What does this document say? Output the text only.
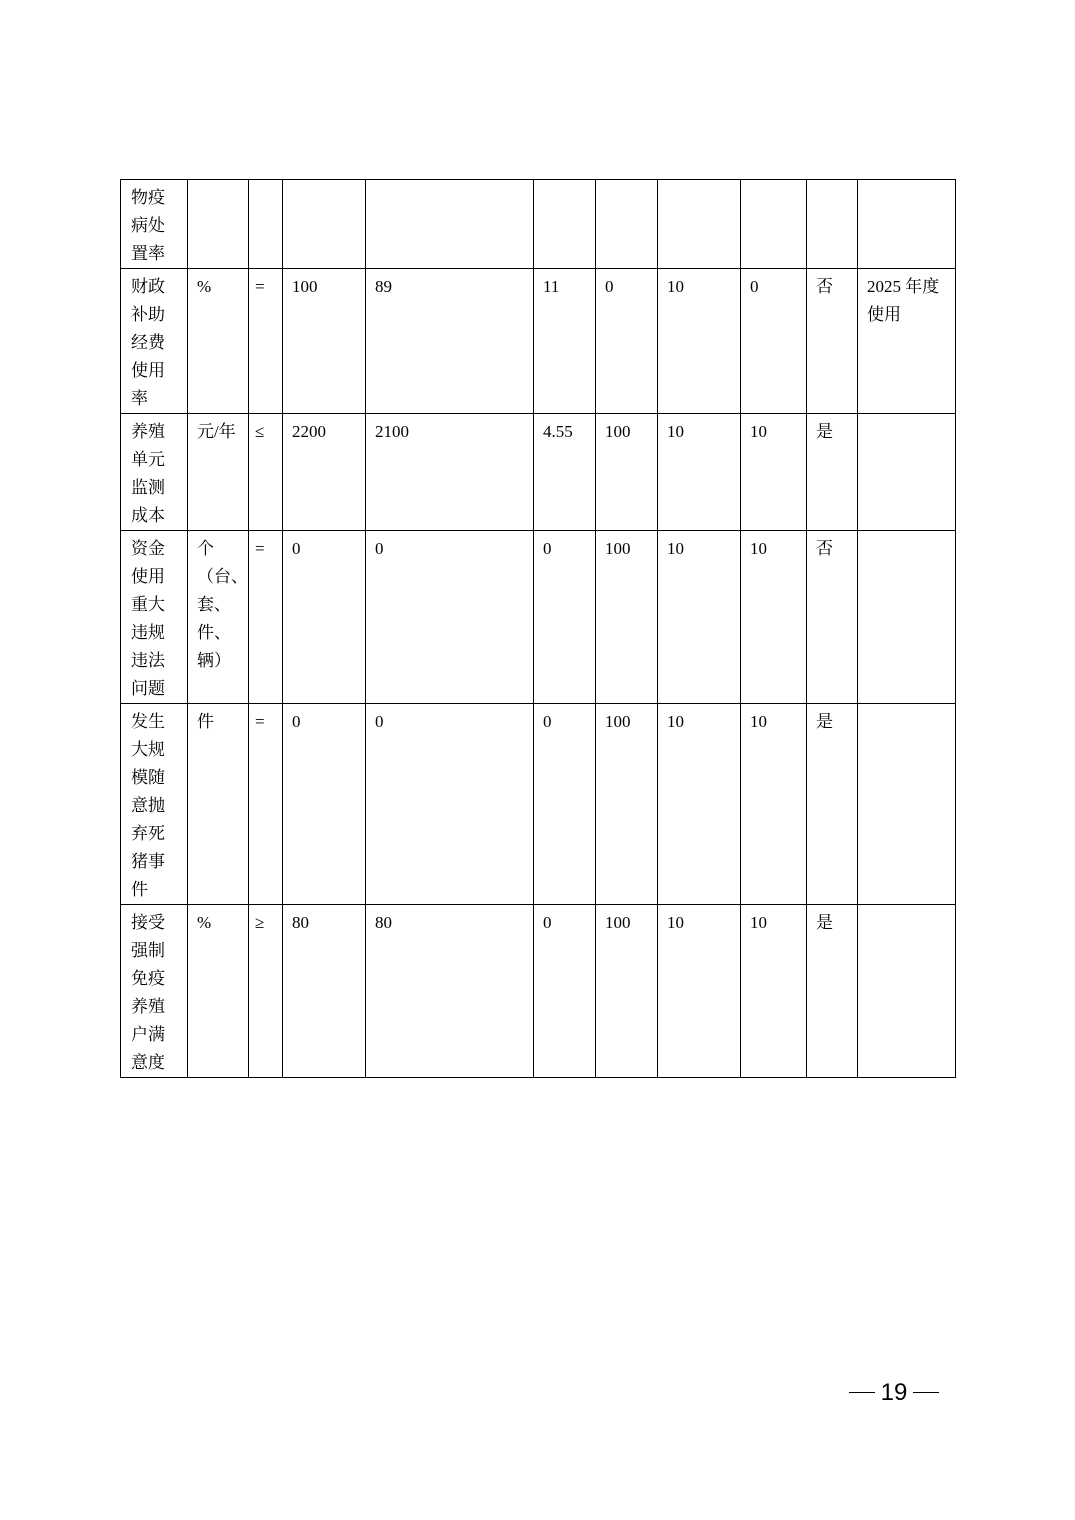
物疫病处置率										
财政补助经费使用率	%	=	100	89	11	0	10	0	否	2025 年度使用
养殖单元监测成本	元/年	≤	2200	2100	4.55	100	10	10	是	
资金使用重大违规违法问题	个（台、套、件、辆）	=	0	0	0	100	10	10	否	
发生大规模随意抛弃死猪事件	件	=	0	0	0	100	10	10	是	
接受强制免疫养殖户满意度	%	≥	80	80	0	100	10	10	是	
19
